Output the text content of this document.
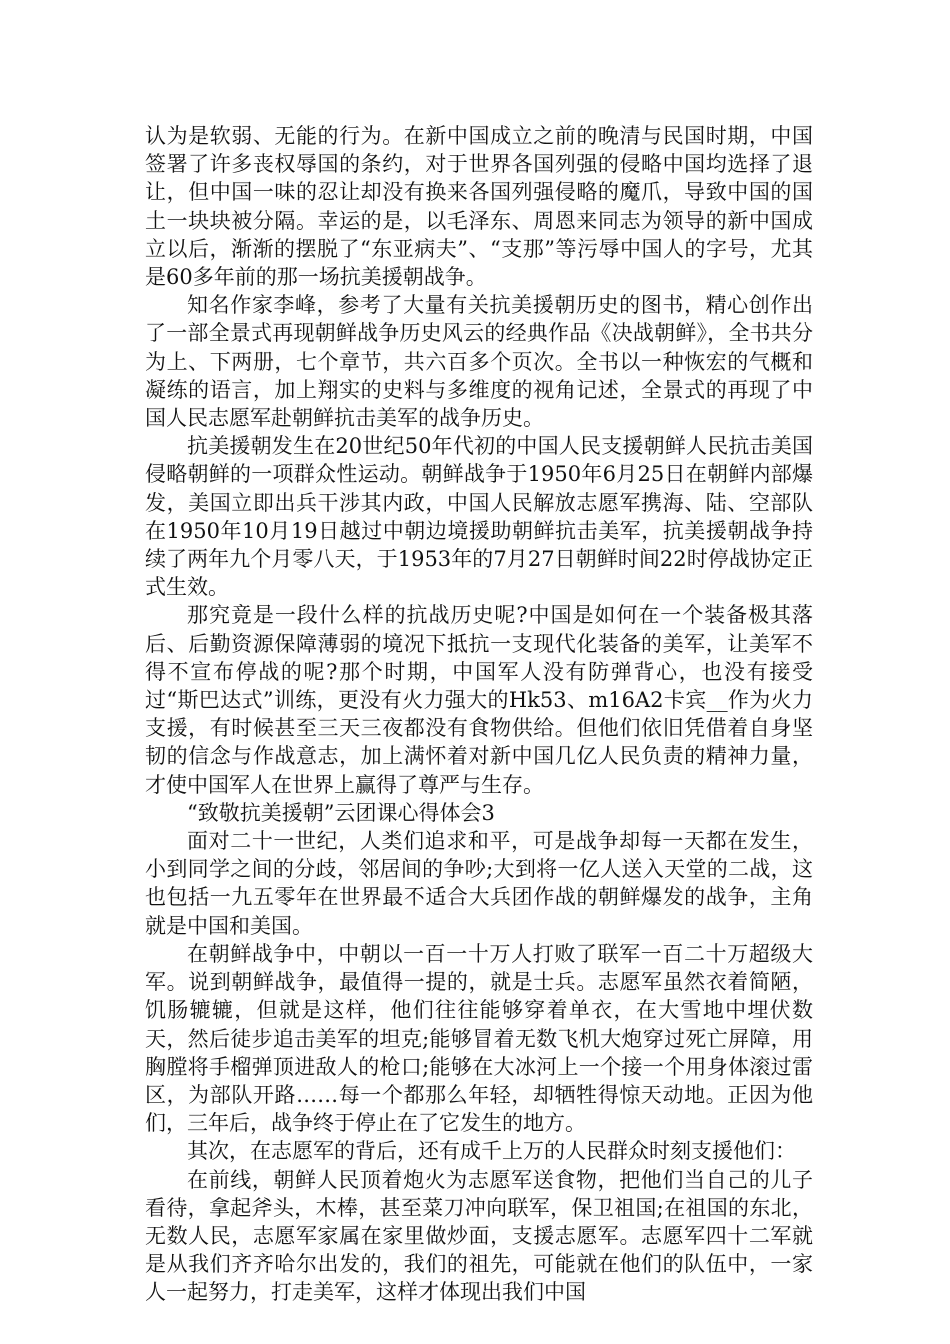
认为是软弱、无能的行为。在新中国成立之前的晚清与民国时期，中国签署了许多丧权辱国的条约，对于世界各国列强的侵略中国均选择了退让，但中国一味的忍让却没有换来各国列强侵略的魔爪，导致中国的国土一块块被分隔。幸运的是，以毛泽东、周恩来同志为领导的新中国成立以后，渐渐的摆脱了“东亚病夫”、“支那”等污辱中国人的字号，尤其是60多年前的那一场抗美援朝战争。

知名作家李峰，参考了大量有关抗美援朝历史的图书，精心创作出了一部全景式再现朝鲜战争历史风云的经典作品《决战朝鲜》，全书共分为上、下两册，七个章节，共六百多个页次。全书以一种恢宏的气概和凝练的语言，加上翔实的史料与多维度的视角记述，全景式的再现了中国人民志愿军赴朝鲜抗击美军的战争历史。

抗美援朝发生在20世纪50年代初的中国人民支援朝鲜人民抗击美国侵略朝鲜的一项群众性运动。朝鲜战争于1950年6月25日在朝鲜内部爆发，美国立即出兵干涉其内政，中国人民解放志愿军携海、陆、空部队在1950年10月19日越过中朝边境援助朝鲜抗击美军，抗美援朝战争持续了两年九个月零八天，于1953年的7月27日朝鲜时间22时停战协定正式生效。

那究竟是一段什么样的抗战历史呢?中国是如何在一个装备极其落后、后勤资源保障薄弱的境况下抵抗一支现代化装备的美军，让美军不得不宣布停战的呢?那个时期，中国军人没有防弹背心，也没有接受过“斯巴达式”训练，更没有火力强大的Hk53、m16A2卡宾__作为火力支援，有时候甚至三天三夜都没有食物供给。但他们依旧凭借着自身坚韧的信念与作战意志，加上满怀着对新中国几亿人民负责的精神力量，才使中国军人在世界上赢得了尊严与生存。

“致敬抗美援朝”云团课心得体会3

面对二十一世纪，人类们追求和平，可是战争却每一天都在发生，小到同学之间的分歧，邻居间的争吵;大到将一亿人送入天堂的二战，这也包括一九五零年在世界最不适合大兵团作战的朝鲜爆发的战争，主角就是中国和美国。

在朝鲜战争中，中朝以一百一十万人打败了联军一百二十万超级大军。说到朝鲜战争，最值得一提的，就是士兵。志愿军虽然衣着简陋，饥肠辘辘，但就是这样，他们往往能够穿着单衣，在大雪地中埋伏数天，然后徒步追击美军的坦克;能够冒着无数飞机大炮穿过死亡屏障，用胸膛将手榴弹顶进敌人的枪口;能够在大冰河上一个接一个用身体滚过雷区，为部队开路……每一个都那么年轻，却牺牲得惊天动地。正因为他们，三年后，战争终于停止在了它发生的地方。

其次，在志愿军的背后，还有成千上万的人民群众时刻支援他们：

在前线，朝鲜人民顶着炮火为志愿军送食物，把他们当自己的儿子看待，拿起斧头，木棒，甚至菜刀冲向联军，保卫祖国;在祖国的东北，无数人民，志愿军家属在家里做炒面，支援志愿军。志愿军四十二军就是从我们齐齐哈尔出发的，我们的祖先，可能就在他们的队伍中，一家人一起努力，打走美军，这样才体现出我们中国
